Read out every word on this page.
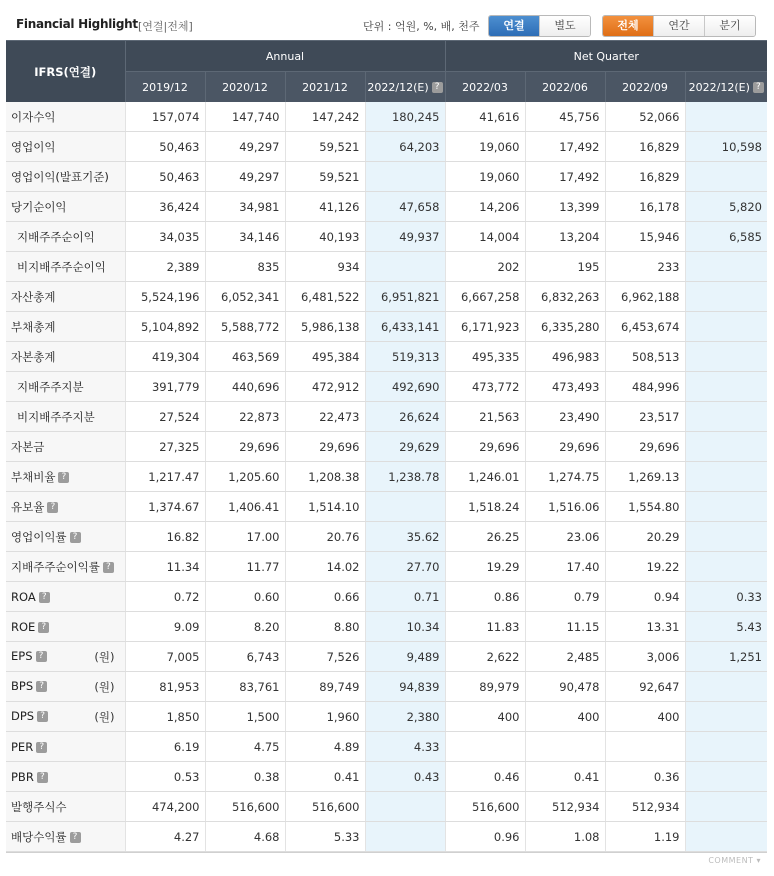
Financial Highlight [연결|전체]	단위 : 억원, %, 배, 천주	연결	별도	전체	연간	분기
IFRS(연결)	Annual				Net Quarter			
	2019/12	2020/12	2021/12	2022/12(E) ?	2022/03	2022/06	2022/09	2022/12(E) ?
이자수익	157,074	147,740	147,242	180,245	41,616	45,756	52,066	
영업이익	50,463	49,297	59,521	64,203	19,060	17,492	16,829	10,598
영업이익(발표기준)	50,463	49,297	59,521		19,060	17,492	16,829	
당기순이익	36,424	34,981	41,126	47,658	14,206	13,399	16,178	5,820
지배주주순이익	34,035	34,146	40,193	49,937	14,004	13,204	15,946	6,585
비지배주주순이익	2,389	835	934		202	195	233	
자산총계	5,524,196	6,052,341	6,481,522	6,951,821	6,667,258	6,832,263	6,962,188	
부채총계	5,104,892	5,588,772	5,986,138	6,433,141	6,171,923	6,335,280	6,453,674	
자본총계	419,304	463,569	495,384	519,313	495,335	496,983	508,513	
지배주주지분	391,779	440,696	472,912	492,690	473,772	473,493	484,996	
비지배주주지분	27,524	22,873	22,473	26,624	21,563	23,490	23,517	
자본금	27,325	29,696	29,696	29,629	29,696	29,696	29,696	
부채비율 ?	1,217.47	1,205.60	1,208.38	1,238.78	1,246.01	1,274.75	1,269.13	
유보율 ?	1,374.67	1,406.41	1,514.10		1,518.24	1,516.06	1,554.80	
영업이익률 ?	16.82	17.00	20.76	35.62	26.25	23.06	20.29	
지배주주순이익률 ?	11.34	11.77	14.02	27.70	19.29	17.40	19.22	
ROA ?	0.72	0.60	0.66	0.71	0.86	0.79	0.94	0.33
ROE ?	9.09	8.20	8.80	10.34	11.83	11.15	13.31	5.43
EPS ? (원)	7,005	6,743	7,526	9,489	2,622	2,485	3,006	1,251
BPS ? (원)	81,953	83,761	89,749	94,839	89,979	90,478	92,647	
DPS ? (원)	1,850	1,500	1,960	2,380	400	400	400	
PER ?	6.19	4.75	4.89	4.33				
PBR ?	0.53	0.38	0.41	0.43	0.46	0.41	0.36	
발행주식수	474,200	516,600	516,600		516,600	512,934	512,934	
배당수익률 ?	4.27	4.68	5.33		0.96	1.08	1.19	
COMMENT ▾
